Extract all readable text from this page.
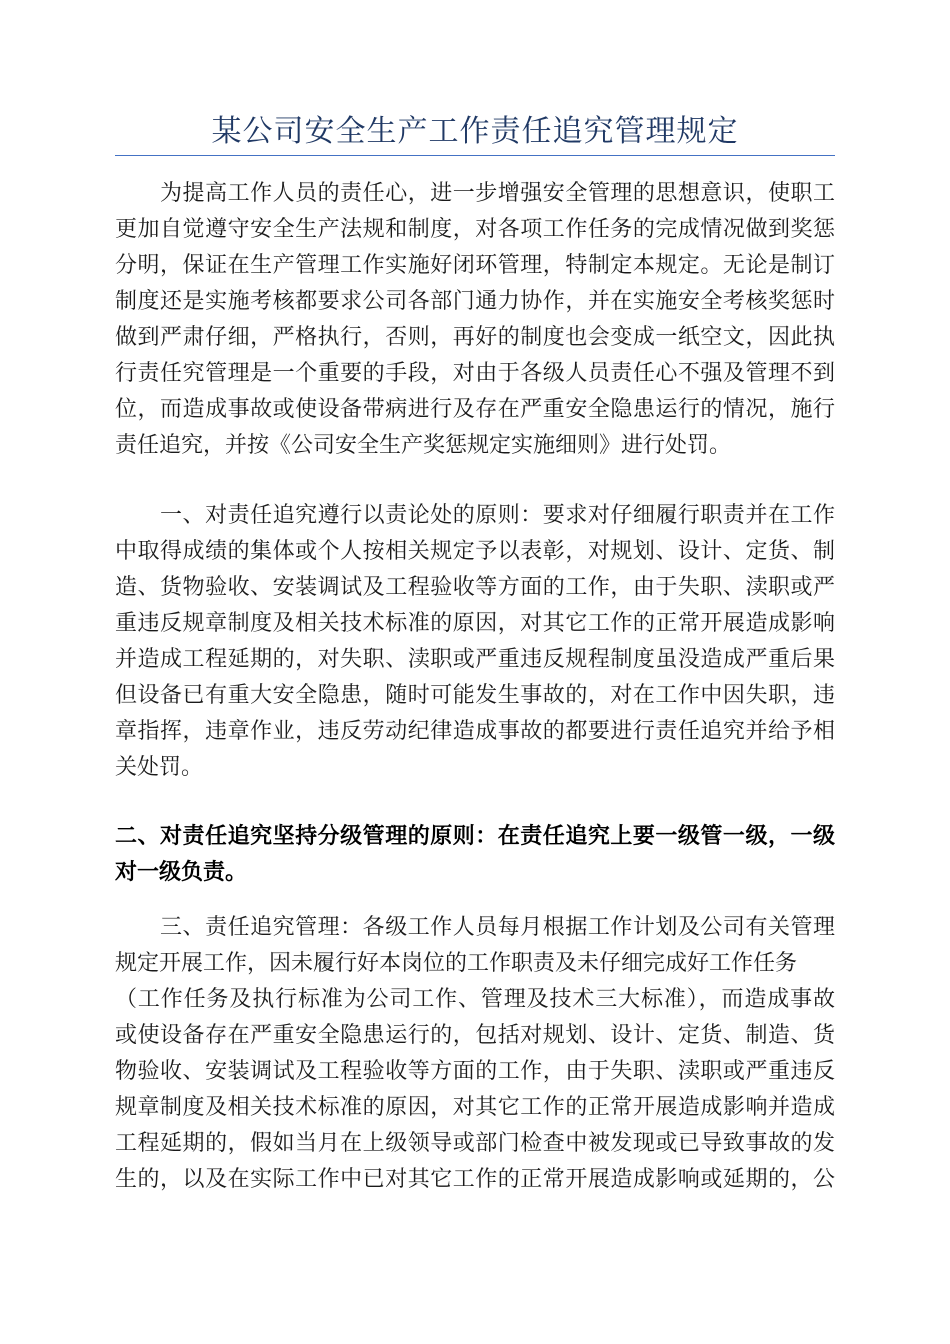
某公司安全生产工作责任追究管理规定
　　为提高工作人员的责任心，进一步增强安全管理的思想意识，使职工
更加自觉遵守安全生产法规和制度，对各项工作任务的完成情况做到奖惩
分明，保证在生产管理工作实施好闭环管理，特制定本规定。无论是制订
制度还是实施考核都要求公司各部门通力协作，并在实施安全考核奖惩时
做到严肃仔细，严格执行，否则，再好的制度也会变成一纸空文，因此执
行责任究管理是一个重要的手段，对由于各级人员责任心不强及管理不到
位，而造成事故或使设备带病进行及存在严重安全隐患运行的情况，施行
责任追究，并按《公司安全生产奖惩规定实施细则》进行处罚。
　　一、对责任追究遵行以责论处的原则：要求对仔细履行职责并在工作
中取得成绩的集体或个人按相关规定予以表彰，对规划、设计、定货、制
造、货物验收、安装调试及工程验收等方面的工作，由于失职、渎职或严
重违反规章制度及相关技术标准的原因，对其它工作的正常开展造成影响
并造成工程延期的，对失职、渎职或严重违反规程制度虽没造成严重后果
但设备已有重大安全隐患，随时可能发生事故的，对在工作中因失职，违
章指挥，违章作业，违反劳动纪律造成事故的都要进行责任追究并给予相
关处罚。
二、对责任追究坚持分级管理的原则：在责任追究上要一级管一级，一级
对一级负责。
　　三、责任追究管理：各级工作人员每月根据工作计划及公司有关管理
规定开展工作，因未履行好本岗位的工作职责及未仔细完成好工作任务
（工作任务及执行标准为公司工作、管理及技术三大标准），而造成事故
或使设备存在严重安全隐患运行的，包括对规划、设计、定货、制造、货
物验收、安装调试及工程验收等方面的工作，由于失职、渎职或严重违反
规章制度及相关技术标准的原因，对其它工作的正常开展造成影响并造成
工程延期的，假如当月在上级领导或部门检查中被发现或已导致事故的发
生的，以及在实际工作中已对其它工作的正常开展造成影响或延期的，公
